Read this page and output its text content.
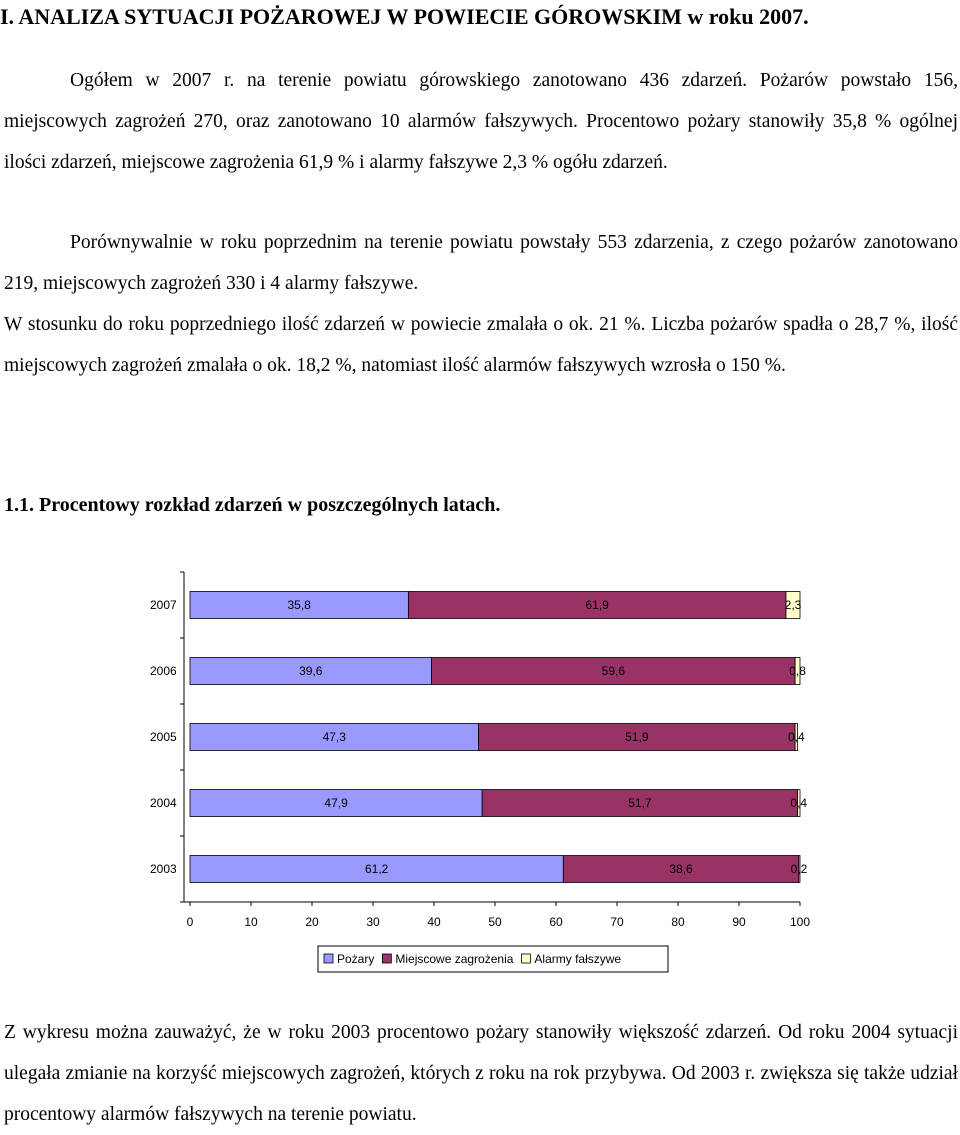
I. ANALIZA SYTUACJI POŻAROWEJ W POWIECIE GÓROWSKIM w roku 2007.
Ogółem w 2007 r. na terenie powiatu górowskiego zanotowano 436 zdarzeń. Pożarów powstało 156, miejscowych zagrożeń 270, oraz zanotowano 10 alarmów fałszywych. Procentowo pożary stanowiły 35,8 % ogólnej ilości zdarzeń, miejscowe zagrożenia 61,9 % i alarmy fałszywe 2,3 % ogółu zdarzeń.
Porównywalnie w roku poprzednim na terenie powiatu powstały 553 zdarzenia, z czego pożarów zanotowano 219, miejscowych zagrożeń 330 i 4 alarmy fałszywe.
W stosunku do roku poprzedniego ilość zdarzeń w powiecie zmalała o ok. 21 %. Liczba pożarów spadła o 28,7 %, ilość miejscowych zagrożeń zmalała o ok. 18,2 %, natomiast ilość alarmów fałszywych wzrosła o 150 %.
1.1. Procentowy rozkład zdarzeń w poszczególnych latach.
2007	35,8	61,9	2,3
2006	39,6	59,6	0,8
2005	47,3	51,9	0,4
2004	47,9	51,7	0,4
2003	61,2	38,6	0,2
0	10	20	30	40	50	60	70	80	90	100
Pożary Miejscowe zagrożenia Alarmy fałszywe
Z wykresu można zauważyć, że w roku 2003 procentowo pożary stanowiły większość zdarzeń. Od roku 2004 sytuacji ulegała zmianie na korzyść miejscowych zagrożeń, których z roku na rok przybywa. Od 2003 r. zwiększa się także udział procentowy alarmów fałszywych na terenie powiatu.
